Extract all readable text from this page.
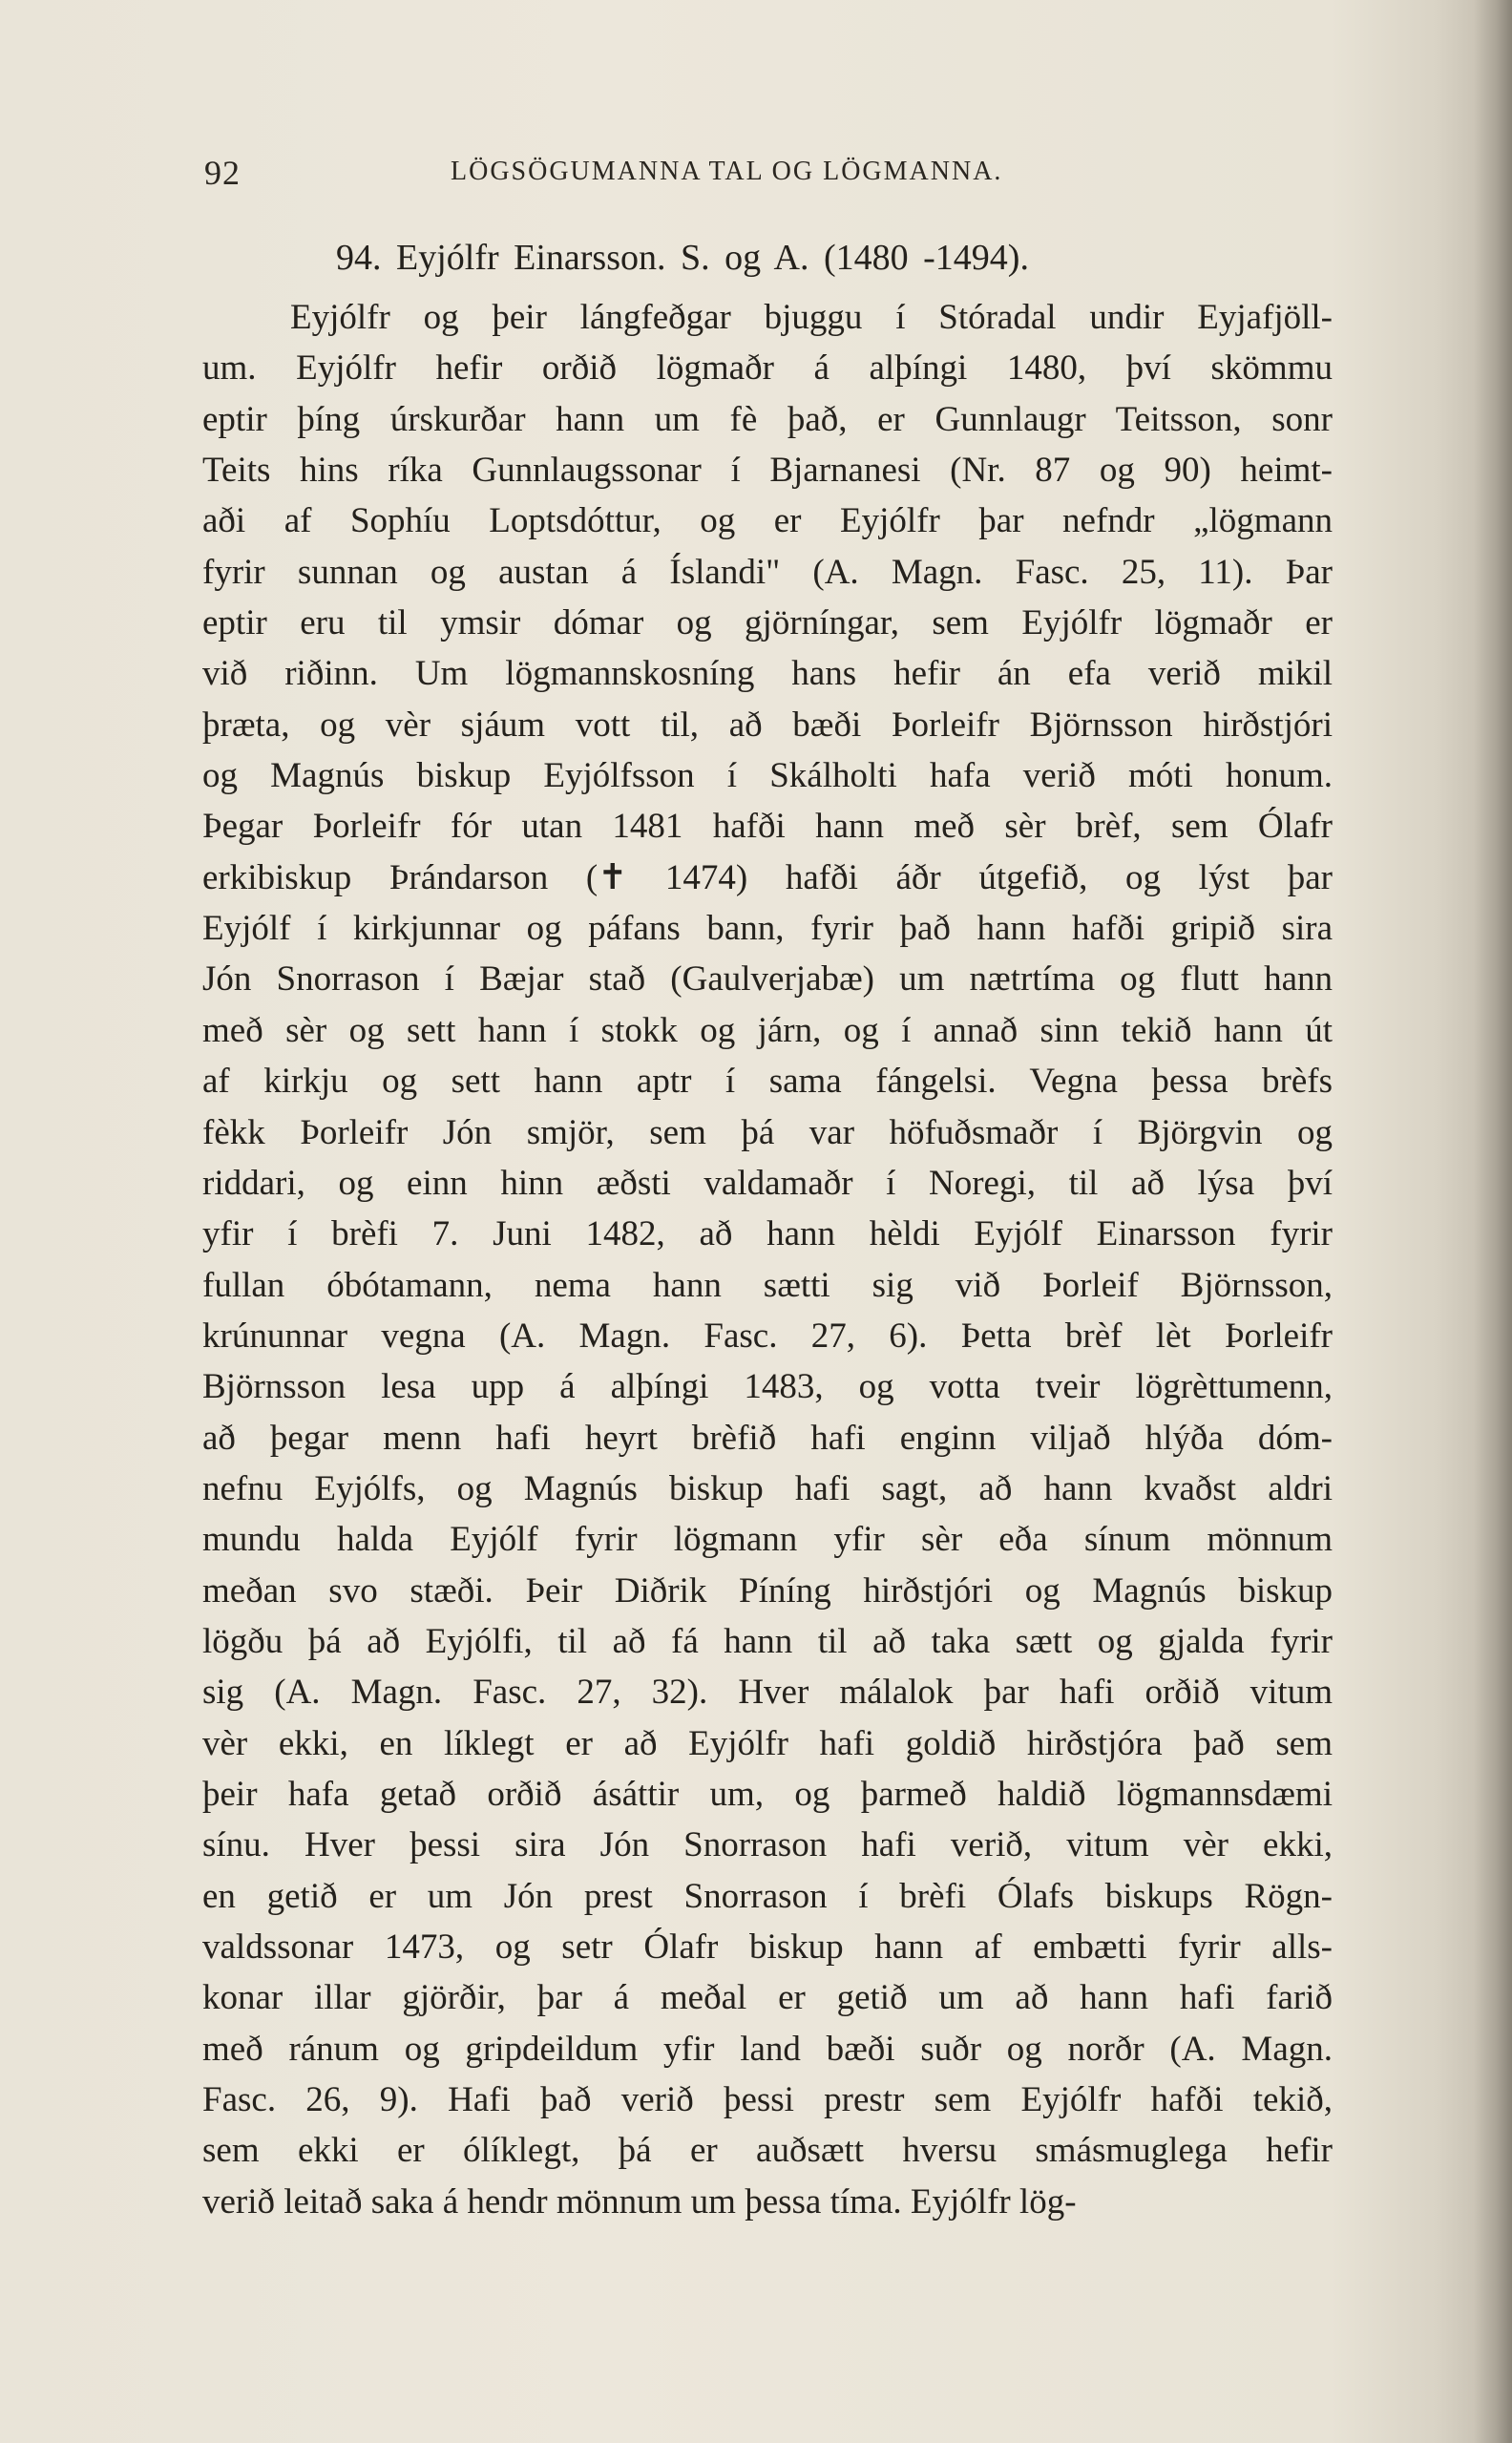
92	LÖGSÖGUMANNA TAL OG LÖGMANNA.
94. Eyjólfr Einarsson. S. og A. (1480 -1494).
Eyjólfr og þeir lángfeðgar bjuggu í Stóradal undir Eyjafjöll-
um. Eyjólfr hefir orðið lögmaðr á alþíngi 1480, því skömmu
eptir þíng úrskurðar hann um fè það, er Gunnlaugr Teitsson, sonr
Teits hins ríka Gunnlaugssonar í Bjarnanesi (Nr. 87 og 90) heimt-
aði af Sophíu Loptsdóttur, og er Eyjólfr þar nefndr „lögmann
fyrir sunnan og austan á Íslandi" (A. Magn. Fasc. 25, 11). Þar
eptir eru til ymsir dómar og gjörníngar, sem Eyjólfr lögmaðr er
við riðinn. Um lögmannskosníng hans hefir án efa verið mikil
þræta, og vèr sjáum vott til, að bæði Þorleifr Björnsson hirðstjóri
og Magnús biskup Eyjólfsson í Skálholti hafa verið móti honum.
Þegar Þorleifr fór utan 1481 hafði hann með sèr brèf, sem Ólafr
erkibiskup Þrándarson (✝ 1474) hafði áðr útgefið, og lýst þar
Eyjólf í kirkjunnar og páfans bann, fyrir það hann hafði gripið sira
Jón Snorrason í Bæjar stað (Gaulverjabæ) um nætrtíma og flutt hann
með sèr og sett hann í stokk og járn, og í annað sinn tekið hann út
af kirkju og sett hann aptr í sama fángelsi. Vegna þessa brèfs
fèkk Þorleifr Jón smjör, sem þá var höfuðsmaðr í Björgvin og
riddari, og einn hinn æðsti valdamaðr í Noregi, til að lýsa því
yfir í brèfi 7. Juni 1482, að hann hèldi Eyjólf Einarsson fyrir
fullan óbótamann, nema hann sætti sig við Þorleif Björnsson,
krúnunnar vegna (A. Magn. Fasc. 27, 6). Þetta brèf lèt Þorleifr
Björnsson lesa upp á alþíngi 1483, og votta tveir lögrèttumenn,
að þegar menn hafi heyrt brèfið hafi enginn viljað hlýða dóm-
nefnu Eyjólfs, og Magnús biskup hafi sagt, að hann kvaðst aldri
mundu halda Eyjólf fyrir lögmann yfir sèr eða sínum mönnum
meðan svo stæði. Þeir Diðrik Píníng hirðstjóri og Magnús biskup
lögðu þá að Eyjólfi, til að fá hann til að taka sætt og gjalda fyrir
sig (A. Magn. Fasc. 27, 32). Hver málalok þar hafi orðið vitum
vèr ekki, en líklegt er að Eyjólfr hafi goldið hirðstjóra það sem
þeir hafa getað orðið ásáttir um, og þarmeð haldið lögmannsdæmi
sínu. Hver þessi sira Jón Snorrason hafi verið, vitum vèr ekki,
en getið er um Jón prest Snorrason í brèfi Ólafs biskups Rögn-
valdssonar 1473, og setr Ólafr biskup hann af embætti fyrir alls-
konar illar gjörðir, þar á meðal er getið um að hann hafi farið
með ránum og gripdeildum yfir land bæði suðr og norðr (A. Magn.
Fasc. 26, 9). Hafi það verið þessi prestr sem Eyjólfr hafði tekið,
sem ekki er ólíklegt, þá er auðsætt hversu smásmuglega hefir
verið leitað saka á hendr mönnum um þessa tíma. Eyjólfr lög-
